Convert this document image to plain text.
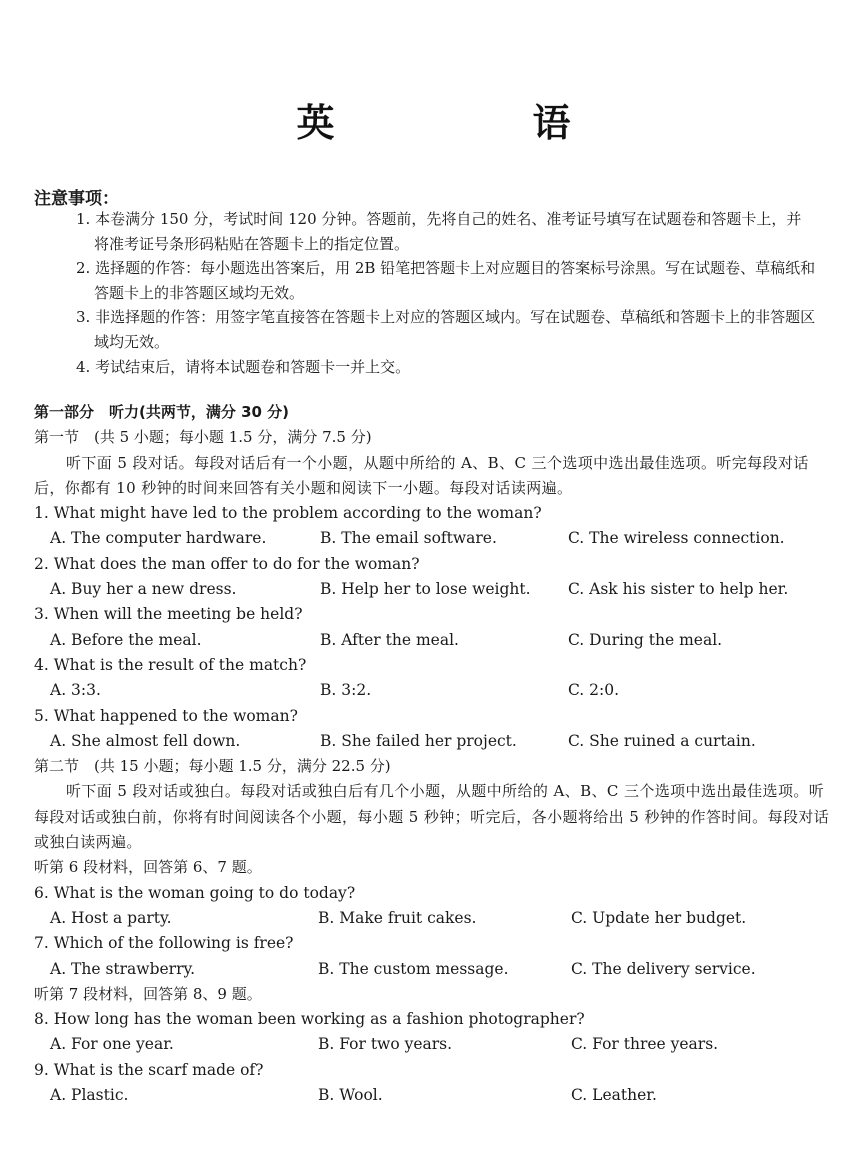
英　语
注意事项：
1. 本卷满分 150 分，考试时间 120 分钟。答题前，先将自己的姓名、准考证号填写在试题卷和答题卡上，并将准考证号条形码粘贴在答题卡上的指定位置。
2. 选择题的作答：每小题选出答案后，用 2B 铅笔把答题卡上对应题目的答案标号涂黑。写在试题卷、草稿纸和答题卡上的非答题区域均无效。
3. 非选择题的作答：用签字笔直接答在答题卡上对应的答题区域内。写在试题卷、草稿纸和答题卡上的非答题区域均无效。
4. 考试结束后，请将本试题卷和答题卡一并上交。
第一部分　听力(共两节，满分 30 分)
第一节　(共 5 小题；每小题 1.5 分，满分 7.5 分)
听下面 5 段对话。每段对话后有一个小题，从题中所给的 A、B、C 三个选项中选出最佳选项。听完每段对话后，你都有 10 秒钟的时间来回答有关小题和阅读下一小题。每段对话读两遍。
1. What might have led to the problem according to the woman?
A. The computer hardware.	B. The email software.	C. The wireless connection.
2. What does the man offer to do for the woman?
A. Buy her a new dress.	B. Help her to lose weight.	C. Ask his sister to help her.
3. When will the meeting be held?
A. Before the meal.	B. After the meal.	C. During the meal.
4. What is the result of the match?
A. 3:3.	B. 3:2.	C. 2:0.
5. What happened to the woman?
A. She almost fell down.	B. She failed her project.	C. She ruined a curtain.
第二节　(共 15 小题；每小题 1.5 分，满分 22.5 分)
听下面 5 段对话或独白。每段对话或独白后有几个小题，从题中所给的 A、B、C 三个选项中选出最佳选项。听每段对话或独白前，你将有时间阅读各个小题，每小题 5 秒钟；听完后，各小题将给出 5 秒钟的作答时间。每段对话或独白读两遍。
听第 6 段材料，回答第 6、7 题。
6. What is the woman going to do today?
A. Host a party.	B. Make fruit cakes.	C. Update her budget.
7. Which of the following is free?
A. The strawberry.	B. The custom message.	C. The delivery service.
听第 7 段材料，回答第 8、9 题。
8. How long has the woman been working as a fashion photographer?
A. For one year.	B. For two years.	C. For three years.
9. What is the scarf made of?
A. Plastic.	B. Wool.	C. Leather.
